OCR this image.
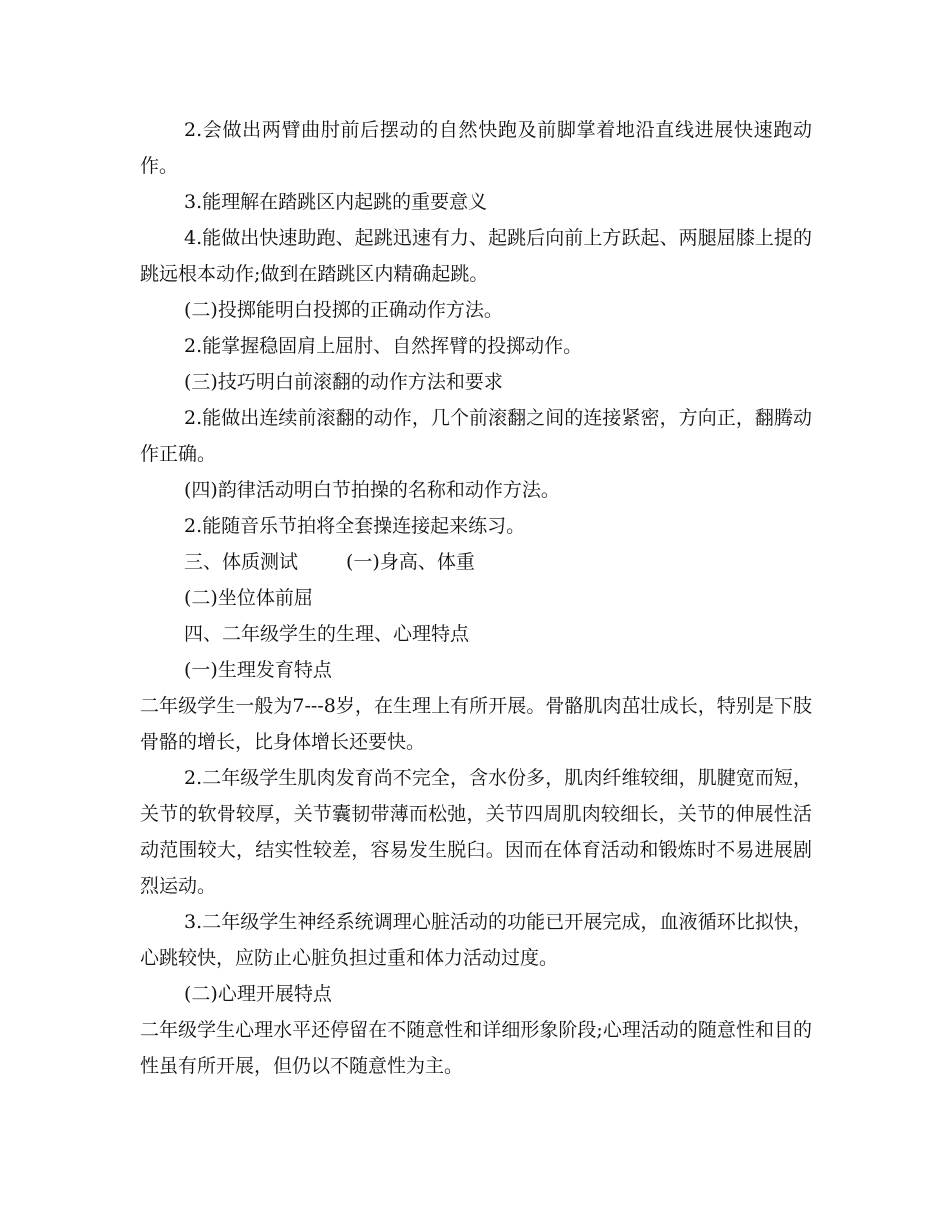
2.会做出两臂曲肘前后摆动的自然快跑及前脚掌着地沿直线进展快速跑动作。

3.能理解在踏跳区内起跳的重要意义

4.能做出快速助跑、起跳迅速有力、起跳后向前上方跃起、两腿屈膝上提的跳远根本动作;做到在踏跳区内精确起跳。

(二)投掷能明白投掷的正确动作方法。

2.能掌握稳固肩上屈肘、自然挥臂的投掷动作。

(三)技巧明白前滚翻的动作方法和要求

2.能做出连续前滚翻的动作，几个前滚翻之间的连接紧密，方向正，翻腾动作正确。

(四)韵律活动明白节拍操的名称和动作方法。

2.能随音乐节拍将全套操连接起来练习。

三、体质测试	(一)身高、体重

(二)坐位体前屈

四、二年级学生的生理、心理特点

(一)生理发育特点

二年级学生一般为7---8岁，在生理上有所开展。骨骼肌肉茁壮成长，特别是下肢骨骼的增长，比身体增长还要快。

2.二年级学生肌肉发育尚不完全，含水份多，肌肉纤维较细，肌腱宽而短，关节的软骨较厚，关节囊韧带薄而松弛，关节四周肌肉较细长，关节的伸展性活动范围较大，结实性较差，容易发生脱臼。因而在体育活动和锻炼时不易进展剧烈运动。

3.二年级学生神经系统调理心脏活动的功能已开展完成，血液循环比拟快，心跳较快，应防止心脏负担过重和体力活动过度。

(二)心理开展特点

二年级学生心理水平还停留在不随意性和详细形象阶段;心理活动的随意性和目的性虽有所开展，但仍以不随意性为主。
